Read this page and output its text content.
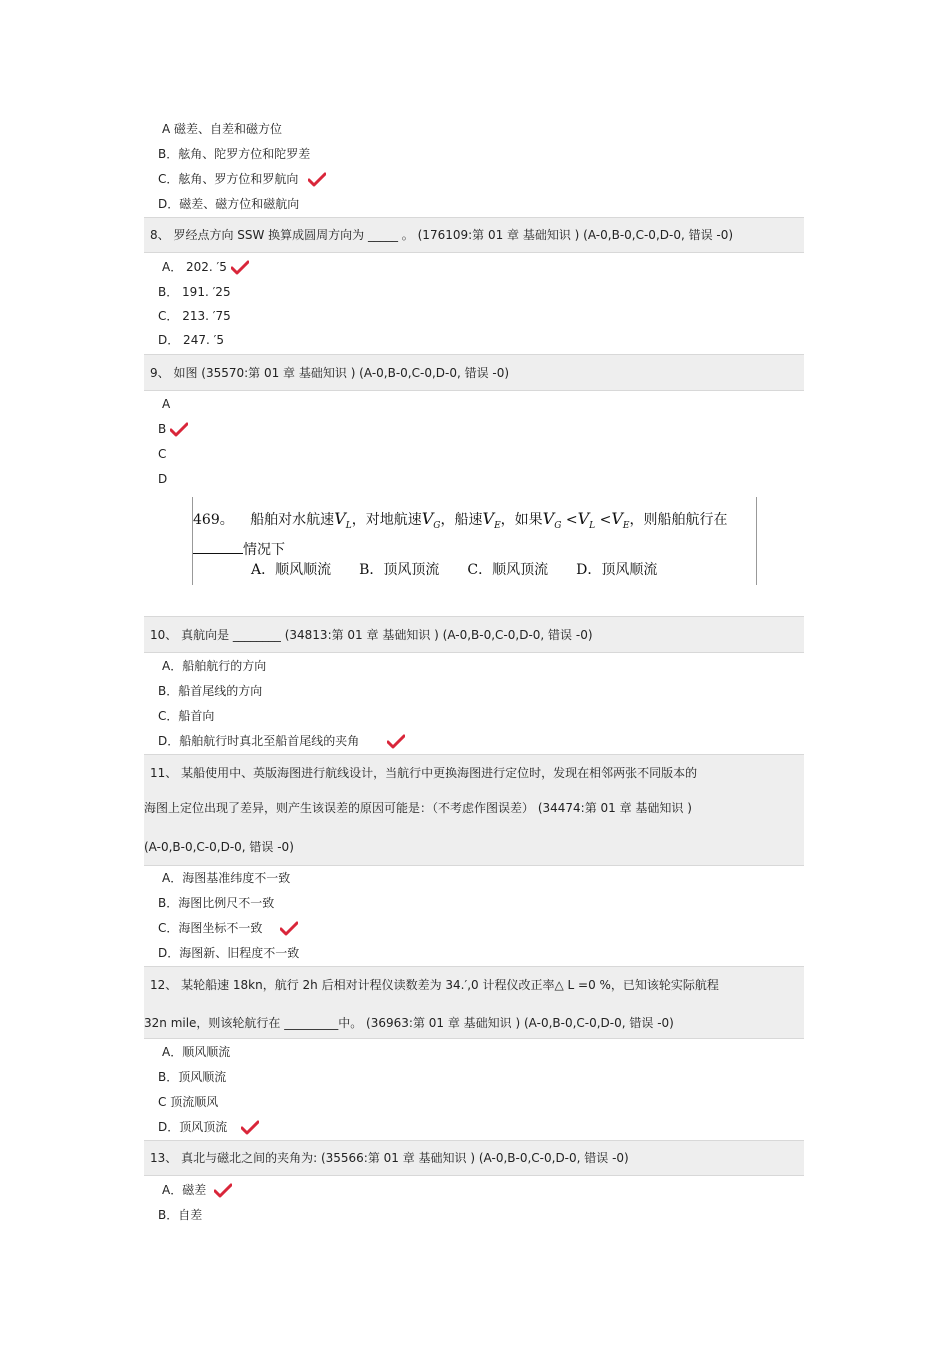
A 磁差、自差和磁方位
B．舷角、陀罗方位和陀罗差
C．舷角、罗方位和罗航向
D．磁差、磁方位和磁航向
8、 罗经点方向 SSW 换算成圆周方向为 _____ 。 (176109:第 01 章 基础知识 ) (A-0,B-0,C-0,D-0, 错误 -0)
A． 202. ′5
B． 191. ′25
C． 213. ′75
D． 247. ′5
9、 如图 (35570:第 01 章 基础知识 ) (A-0,B-0,C-0,D-0, 错误 -0)
A
B
C
D
469。 船舶对水航速$V_L$，对地航速$V_G$，船速$V_E$，如果$V_G <V_L <V_E$，则船舶航行在
情况下
A．顺风顺流 B．顶风顶流 C．顺风顶流 D．顶风顺流
10、 真航向是 ________ (34813:第 01 章 基础知识 ) (A-0,B-0,C-0,D-0, 错误 -0)
A．船舶航行的方向
B．船首尾线的方向
C．船首向
D．船舶航行时真北至船首尾线的夹角
11、 某船使用中、英版海图进行航线设计，当航行中更换海图进行定位时，发现在相邻两张不同版本的
海图上定位出现了差异，则产生该误差的原因可能是：（不考虑作图误差） (34474:第 01 章 基础知识 )
(A-0,B-0,C-0,D-0, 错误 -0)
A．海图基准纬度不一致
B．海图比例尺不一致
C．海图坐标不一致
D．海图新、旧程度不一致
12、 某轮船速 18kn，航行 2h 后相对计程仪读数差为 34.′,0 计程仪改正率△ L =0 %，已知该轮实际航程
32n mile，则该轮航行在 _________中。 (36963:第 01 章 基础知识 ) (A-0,B-0,C-0,D-0, 错误 -0)
A．顺风顺流
B．顶风顺流
C 顶流顺风
D．顶风顶流
13、 真北与磁北之间的夹角为: (35566:第 01 章 基础知识 ) (A-0,B-0,C-0,D-0, 错误 -0)
A．磁差
B．自差
